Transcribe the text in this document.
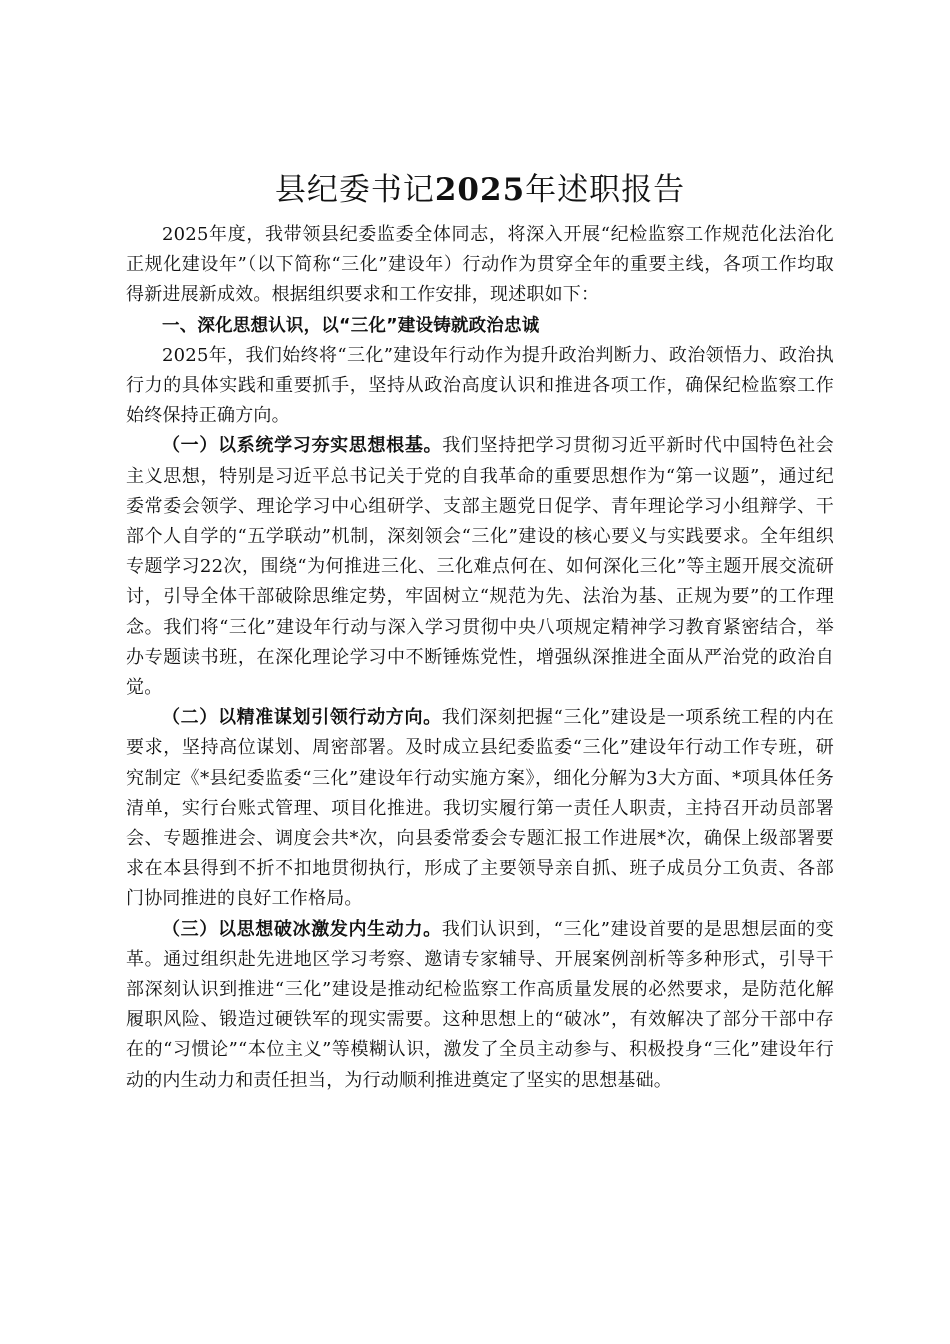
县纪委书记2025年述职报告

2025年度，我带领县纪委监委全体同志，将深入开展“纪检监察工作规范化法治化正规化建设年”（以下简称“三化”建设年）行动作为贯穿全年的重要主线，各项工作均取得新进展新成效。根据组织要求和工作安排，现述职如下：

一、深化思想认识，以“三化”建设铸就政治忠诚

2025年，我们始终将“三化”建设年行动作为提升政治判断力、政治领悟力、政治执行力的具体实践和重要抓手，坚持从政治高度认识和推进各项工作，确保纪检监察工作始终保持正确方向。

（一）以系统学习夯实思想根基。我们坚持把学习贯彻习近平新时代中国特色社会主义思想，特别是习近平总书记关于党的自我革命的重要思想作为“第一议题”，通过纪委常委会领学、理论学习中心组研学、支部主题党日促学、青年理论学习小组辩学、干部个人自学的“五学联动”机制，深刻领会“三化”建设的核心要义与实践要求。全年组织专题学习22次，围绕“为何推进三化、三化难点何在、如何深化三化”等主题开展交流研讨，引导全体干部破除思维定势，牢固树立“规范为先、法治为基、正规为要”的工作理念。我们将“三化”建设年行动与深入学习贯彻中央八项规定精神学习教育紧密结合，举办专题读书班，在深化理论学习中不断锤炼党性，增强纵深推进全面从严治党的政治自觉。

（二）以精准谋划引领行动方向。我们深刻把握“三化”建设是一项系统工程的内在要求，坚持高位谋划、周密部署。及时成立县纪委监委“三化”建设年行动工作专班，研究制定《*县纪委监委“三化”建设年行动实施方案》，细化分解为3大方面、*项具体任务清单，实行台账式管理、项目化推进。我切实履行第一责任人职责，主持召开动员部署会、专题推进会、调度会共*次，向县委常委会专题汇报工作进展*次，确保上级部署要求在本县得到不折不扣地贯彻执行，形成了主要领导亲自抓、班子成员分工负责、各部门协同推进的良好工作格局。

（三）以思想破冰激发内生动力。我们认识到，“三化”建设首要的是思想层面的变革。通过组织赴先进地区学习考察、邀请专家辅导、开展案例剖析等多种形式，引导干部深刻认识到推进“三化”建设是推动纪检监察工作高质量发展的必然要求，是防范化解履职风险、锻造过硬铁军的现实需要。这种思想上的“破冰”，有效解决了部分干部中存在的“习惯论”“本位主义”等模糊认识，激发了全员主动参与、积极投身“三化”建设年行动的内生动力和责任担当，为行动顺利推进奠定了坚实的思想基础。
